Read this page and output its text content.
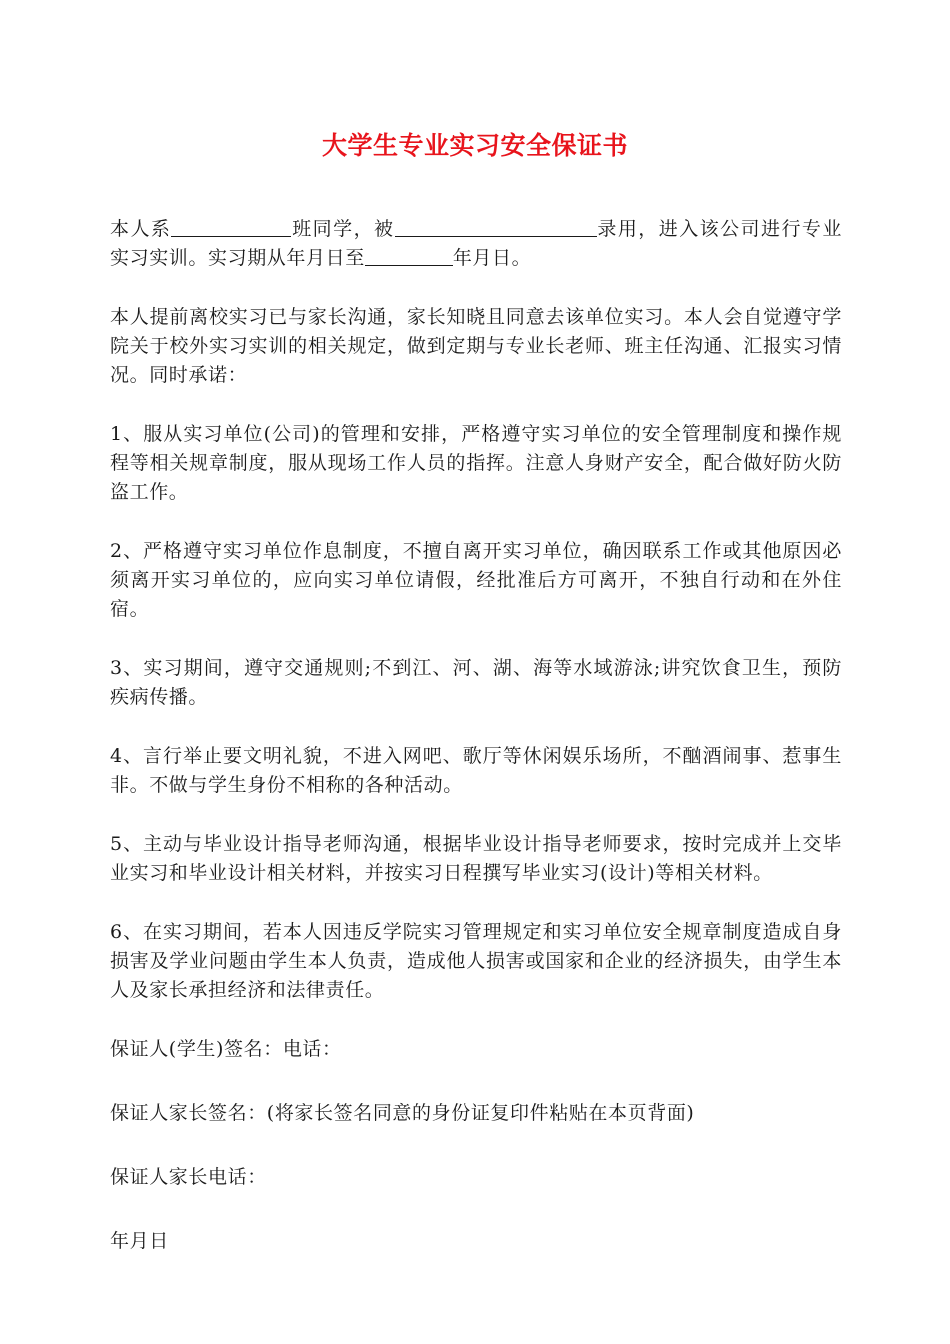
大学生专业实习安全保证书

本人系	班同学，被	录用，进入该公司进行专业实习实训。实习期从年月日至	年月日。

本人提前离校实习已与家长沟通，家长知晓且同意去该单位实习。本人会自觉遵守学院关于校外实习实训的相关规定，做到定期与专业长老师、班主任沟通、汇报实习情况。同时承诺：

1、服从实习单位(公司)的管理和安排，严格遵守实习单位的安全管理制度和操作规程等相关规章制度，服从现场工作人员的指挥。注意人身财产安全，配合做好防火防盗工作。

2、严格遵守实习单位作息制度，不擅自离开实习单位，确因联系工作或其他原因必须离开实习单位的，应向实习单位请假，经批准后方可离开，不独自行动和在外住宿。

3、实习期间，遵守交通规则;不到江、河、湖、海等水域游泳;讲究饮食卫生，预防疾病传播。

4、言行举止要文明礼貌，不进入网吧、歌厅等休闲娱乐场所，不酗酒闹事、惹事生非。不做与学生身份不相称的各种活动。

5、主动与毕业设计指导老师沟通，根据毕业设计指导老师要求，按时完成并上交毕业实习和毕业设计相关材料，并按实习日程撰写毕业实习(设计)等相关材料。

6、在实习期间，若本人因违反学院实习管理规定和实习单位安全规章制度造成自身损害及学业问题由学生本人负责，造成他人损害或国家和企业的经济损失，由学生本人及家长承担经济和法律责任。

保证人(学生)签名：电话：

保证人家长签名：(将家长签名同意的身份证复印件粘贴在本页背面)

保证人家长电话：

年月日
